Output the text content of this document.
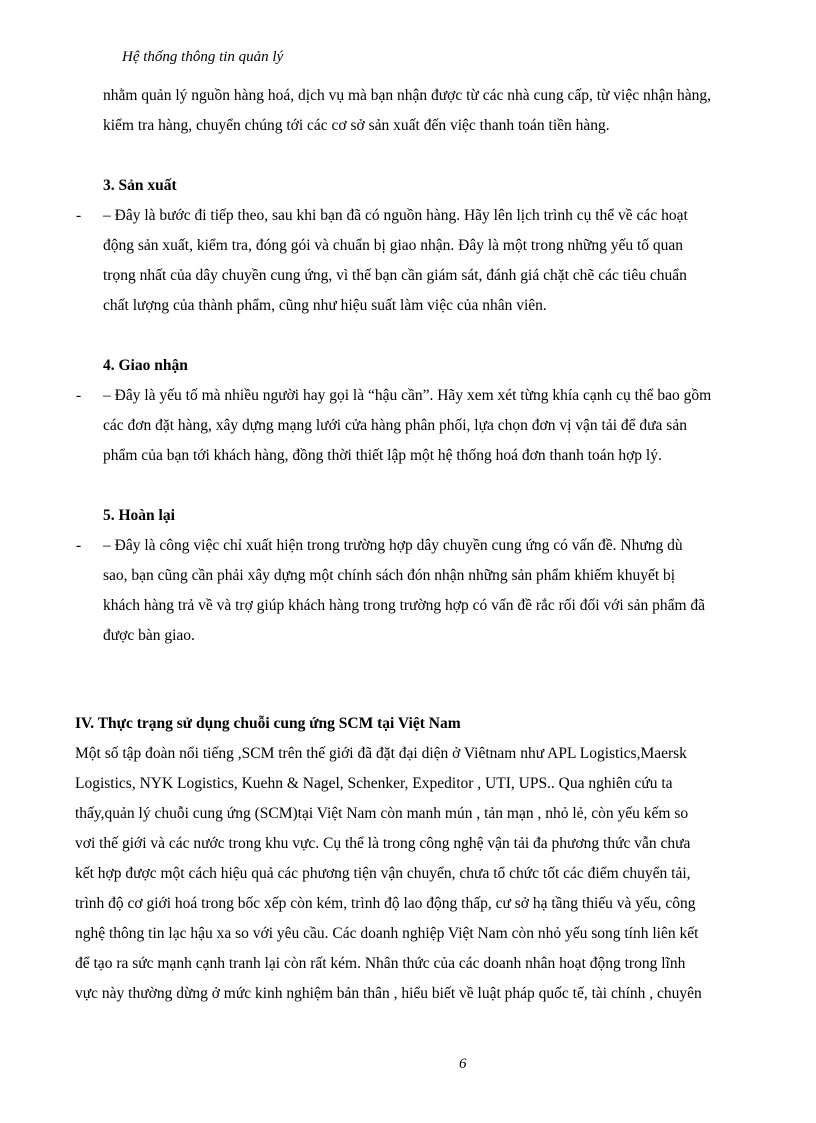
Hệ thống thông tin quản lý
nhằm quản lý nguồn hàng hoá, dịch vụ mà bạn nhận được từ các nhà cung cấp, từ việc nhận hàng,
kiểm tra hàng, chuyển chúng tới các cơ sở sản xuất đến việc thanh toán tiền hàng.
3. Sản xuất
- – Đây là bước đi tiếp theo, sau khi bạn đã có nguồn hàng. Hãy lên lịch trình cụ thể về các hoạt
động sản xuất, kiểm tra, đóng gói và chuẩn bị giao nhận. Đây là một trong những yếu tố quan
trọng nhất của dây chuyền cung ứng, vì thế bạn cần giám sát, đánh giá chặt chẽ các tiêu chuẩn
chất lượng của thành phẩm, cũng như hiệu suất làm việc của nhân viên.
4. Giao nhận
- – Đây là yếu tố mà nhiều người hay gọi là “hậu cần”. Hãy xem xét từng khía cạnh cụ thể bao gồm
các đơn đặt hàng, xây dựng mạng lưới cửa hàng phân phối, lựa chọn đơn vị vận tải để đưa sản
phẩm của bạn tới khách hàng, đồng thời thiết lập một hệ thống hoá đơn thanh toán hợp lý.
5. Hoàn lại
- – Đây là công việc chỉ xuất hiện trong trường hợp dây chuyền cung ứng có vấn đề. Nhưng dù
sao, bạn cũng cần phải xây dựng một chính sách đón nhận những sản phẩm khiếm khuyết bị
khách hàng trả về và trợ giúp khách hàng trong trường hợp có vấn đề rắc rối đối với sản phẩm đã
được bàn giao.
IV. Thực trạng sử dụng chuỗi cung ứng SCM tại Việt Nam
Một số tập đoàn nổi tiếng ,SCM trên thế giới đã đặt đại diện ở Viêtnam như APL Logistics,Maersk
Logistics, NYK Logistics, Kuehn & Nagel, Schenker, Expeditor , UTI, UPS.. Qua nghiên cứu ta
thấy,quản lý chuỗi cung ứng (SCM)tại Việt Nam còn manh mún , tản mạn , nhỏ lẻ, còn yếu kếm so
vơi thế giới và các nước trong khu vực. Cụ thể là trong công nghệ vận tải đa phương thức vẫn chưa
kết hợp được một cách hiệu quả các phương tiện vận chuyển, chưa tổ chức tốt các điểm chuyển tải,
trình độ cơ giới hoá trong bốc xếp còn kém, trình độ lao động thấp, cư sở hạ tầng thiếu và yếu, công
nghệ thông tin lạc hậu xa so với yêu cầu. Các doanh nghiệp Việt Nam còn nhỏ yếu song tính liên kết
để tạo ra sức mạnh cạnh tranh lại còn rất kém. Nhân thức của các doanh nhân hoạt động trong lĩnh
vực này thường dừng ở mức kinh nghiệm bản thân , hiểu biết về luật pháp quốc tế, tài chính , chuyên
6
